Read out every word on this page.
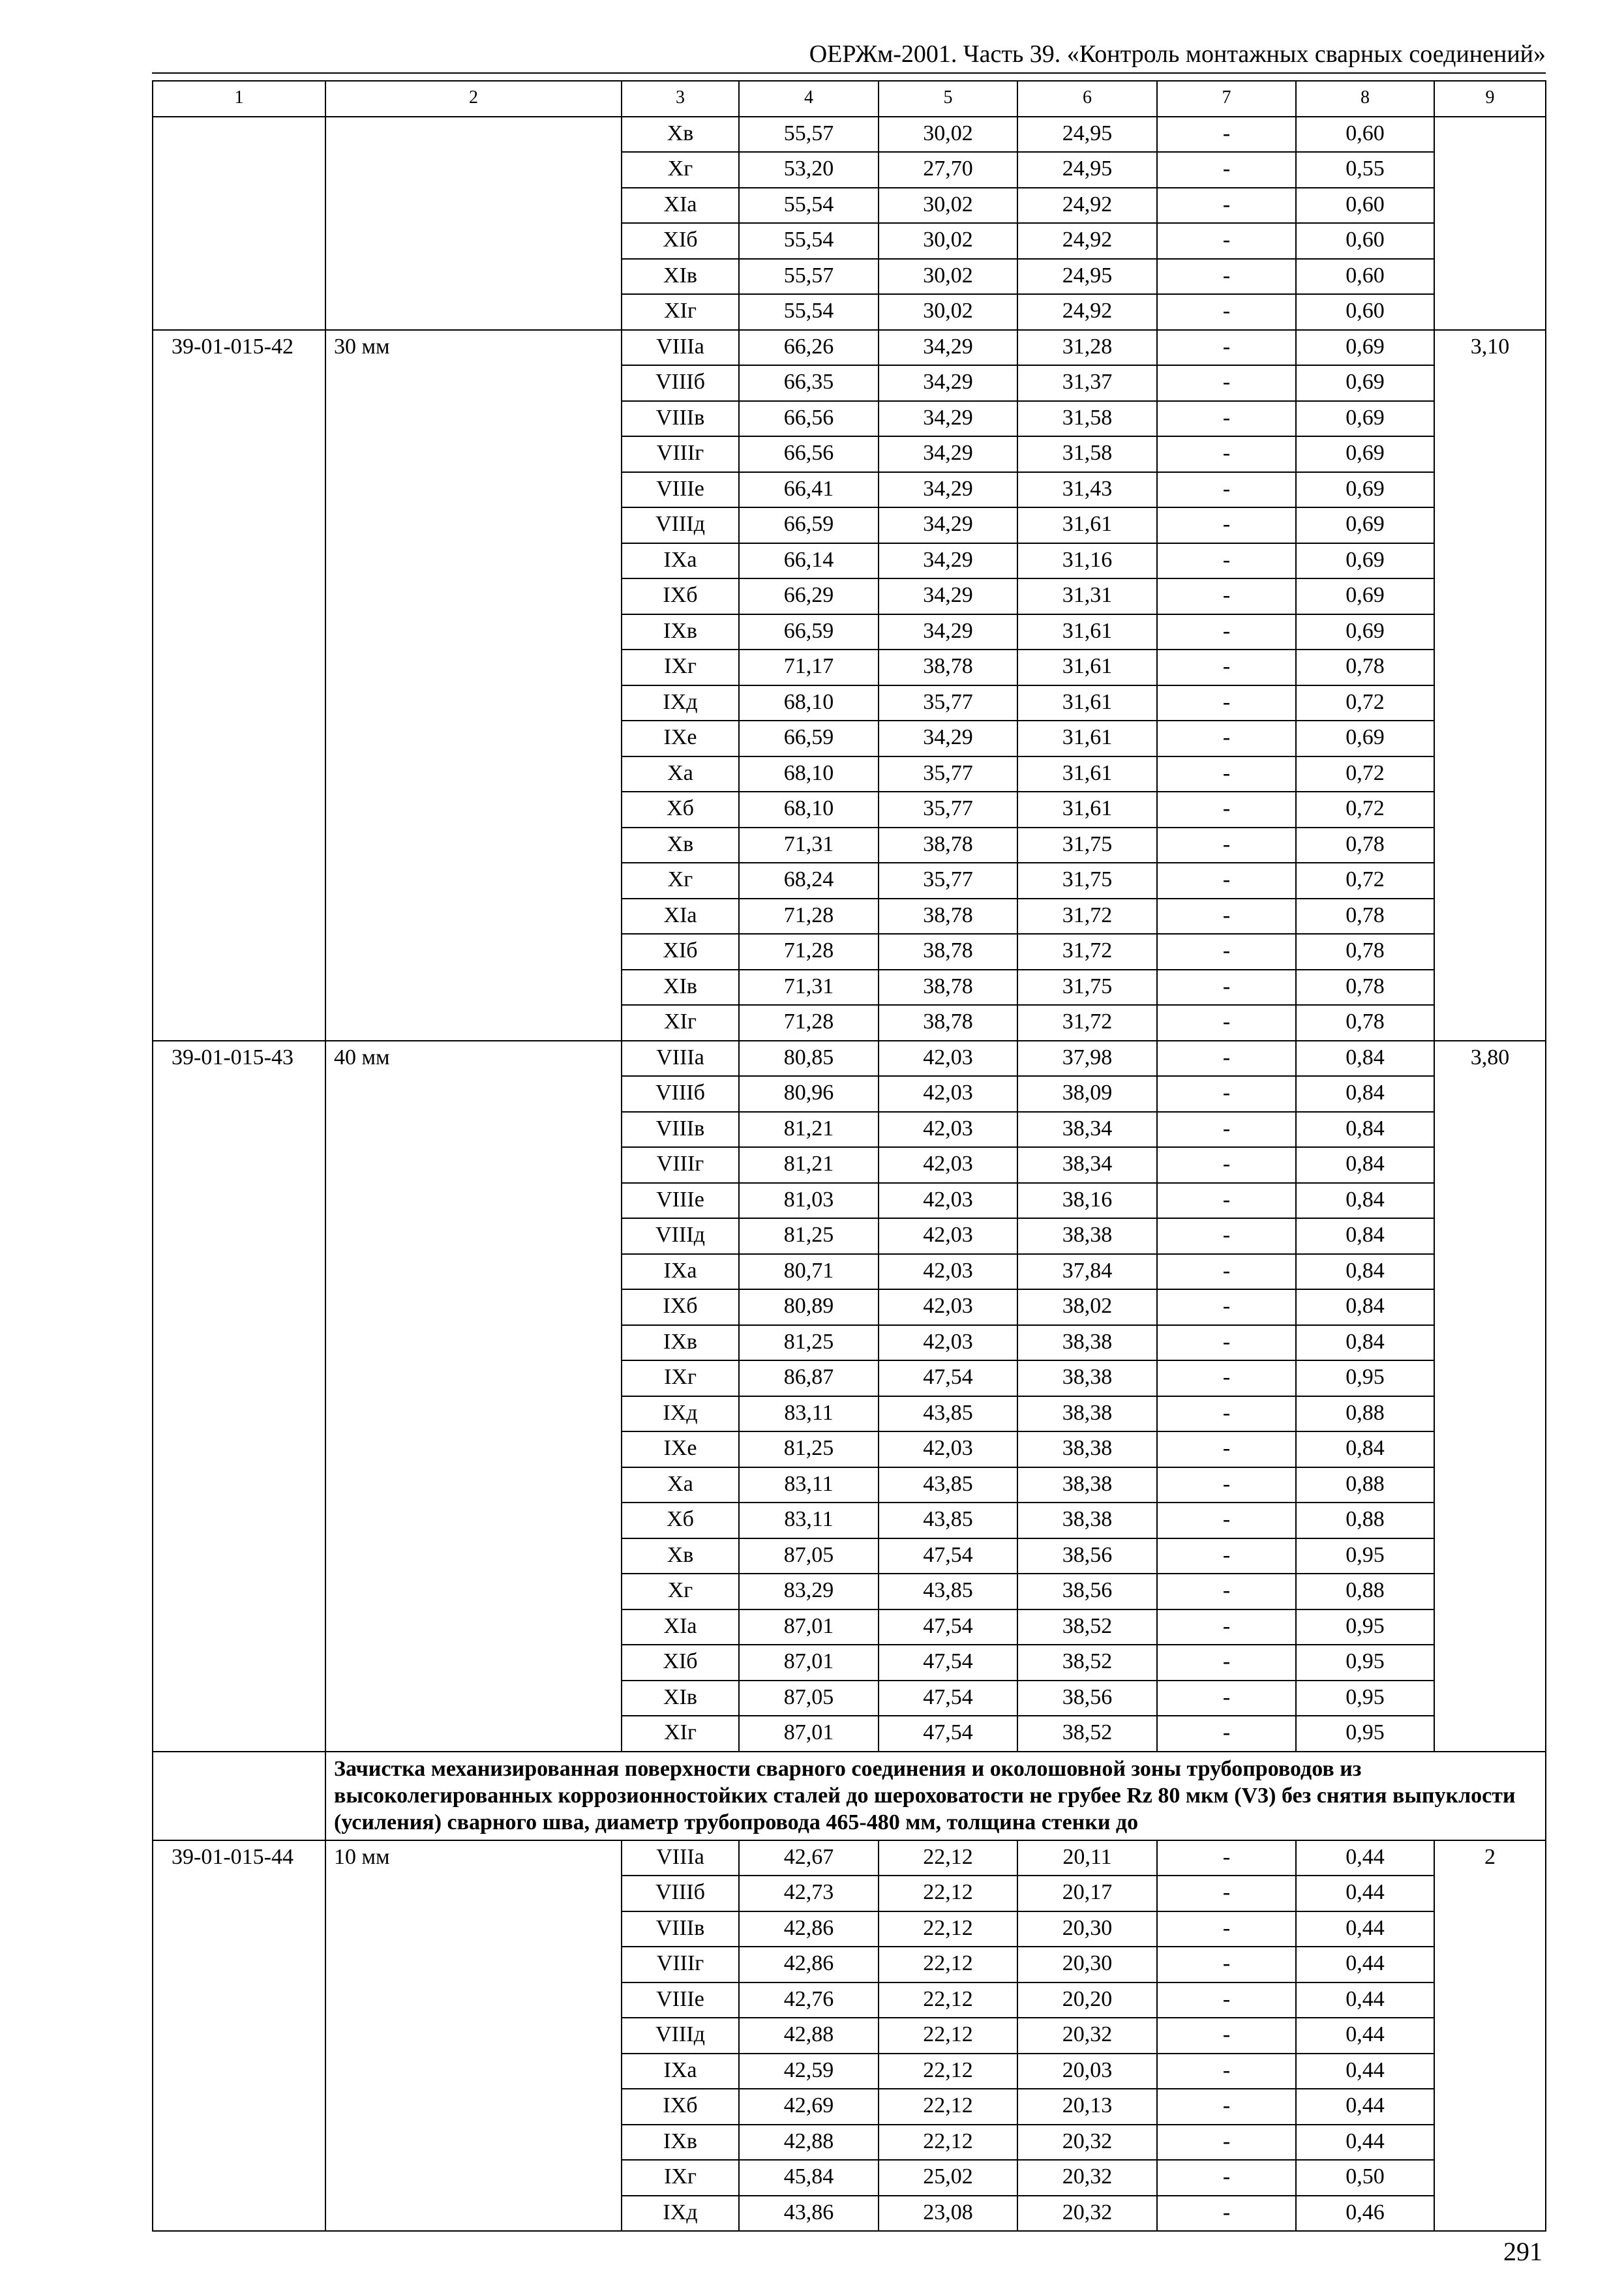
ОЕРЖм-2001. Часть 39. «Контроль монтажных сварных соединений»
1	2	3	4	5	6	7	8	9
		Xв	55,57	30,02	24,95	-	0,60	
		Xг	53,20	27,70	24,95	-	0,55	
		XIа	55,54	30,02	24,92	-	0,60	
		XIб	55,54	30,02	24,92	-	0,60	
		XIв	55,57	30,02	24,95	-	0,60	
		XIг	55,54	30,02	24,92	-	0,60	
39-01-015-42	30 мм	VIIIа	66,26	34,29	31,28	-	0,69	3,10
		VIIIб	66,35	34,29	31,37	-	0,69	
		VIIIв	66,56	34,29	31,58	-	0,69	
		VIIIг	66,56	34,29	31,58	-	0,69	
		VIIIе	66,41	34,29	31,43	-	0,69	
		VIIIд	66,59	34,29	31,61	-	0,69	
		IXа	66,14	34,29	31,16	-	0,69	
		IXб	66,29	34,29	31,31	-	0,69	
		IXв	66,59	34,29	31,61	-	0,69	
		IXг	71,17	38,78	31,61	-	0,78	
		IXд	68,10	35,77	31,61	-	0,72	
		IXе	66,59	34,29	31,61	-	0,69	
		Xа	68,10	35,77	31,61	-	0,72	
		Xб	68,10	35,77	31,61	-	0,72	
		Xв	71,31	38,78	31,75	-	0,78	
		Xг	68,24	35,77	31,75	-	0,72	
		XIа	71,28	38,78	31,72	-	0,78	
		XIб	71,28	38,78	31,72	-	0,78	
		XIв	71,31	38,78	31,75	-	0,78	
		XIг	71,28	38,78	31,72	-	0,78	
39-01-015-43	40 мм	VIIIа	80,85	42,03	37,98	-	0,84	3,80
		VIIIб	80,96	42,03	38,09	-	0,84	
		VIIIв	81,21	42,03	38,34	-	0,84	
		VIIIг	81,21	42,03	38,34	-	0,84	
		VIIIе	81,03	42,03	38,16	-	0,84	
		VIIIд	81,25	42,03	38,38	-	0,84	
		IXа	80,71	42,03	37,84	-	0,84	
		IXб	80,89	42,03	38,02	-	0,84	
		IXв	81,25	42,03	38,38	-	0,84	
		IXг	86,87	47,54	38,38	-	0,95	
		IXд	83,11	43,85	38,38	-	0,88	
		IXе	81,25	42,03	38,38	-	0,84	
		Xа	83,11	43,85	38,38	-	0,88	
		Xб	83,11	43,85	38,38	-	0,88	
		Xв	87,05	47,54	38,56	-	0,95	
		Xг	83,29	43,85	38,56	-	0,88	
		XIа	87,01	47,54	38,52	-	0,95	
		XIб	87,01	47,54	38,52	-	0,95	
		XIв	87,05	47,54	38,56	-	0,95	
		XIг	87,01	47,54	38,52	-	0,95	
	Зачистка механизированная поверхности сварного соединения и околошовной зоны трубопроводов из высоколегированных коррозионностойких сталей до шероховатости не грубее Rz 80 мкм (V3) без снятия выпуклости (усиления) сварного шва, диаметр трубопровода 465-480 мм, толщина стенки до							
39-01-015-44	10 мм	VIIIа	42,67	22,12	20,11	-	0,44	2
		VIIIб	42,73	22,12	20,17	-	0,44	
		VIIIв	42,86	22,12	20,30	-	0,44	
		VIIIг	42,86	22,12	20,30	-	0,44	
		VIIIе	42,76	22,12	20,20	-	0,44	
		VIIIд	42,88	22,12	20,32	-	0,44	
		IXа	42,59	22,12	20,03	-	0,44	
		IXб	42,69	22,12	20,13	-	0,44	
		IXв	42,88	22,12	20,32	-	0,44	
		IXг	45,84	25,02	20,32	-	0,50	
		IXд	43,86	23,08	20,32	-	0,46	
291
